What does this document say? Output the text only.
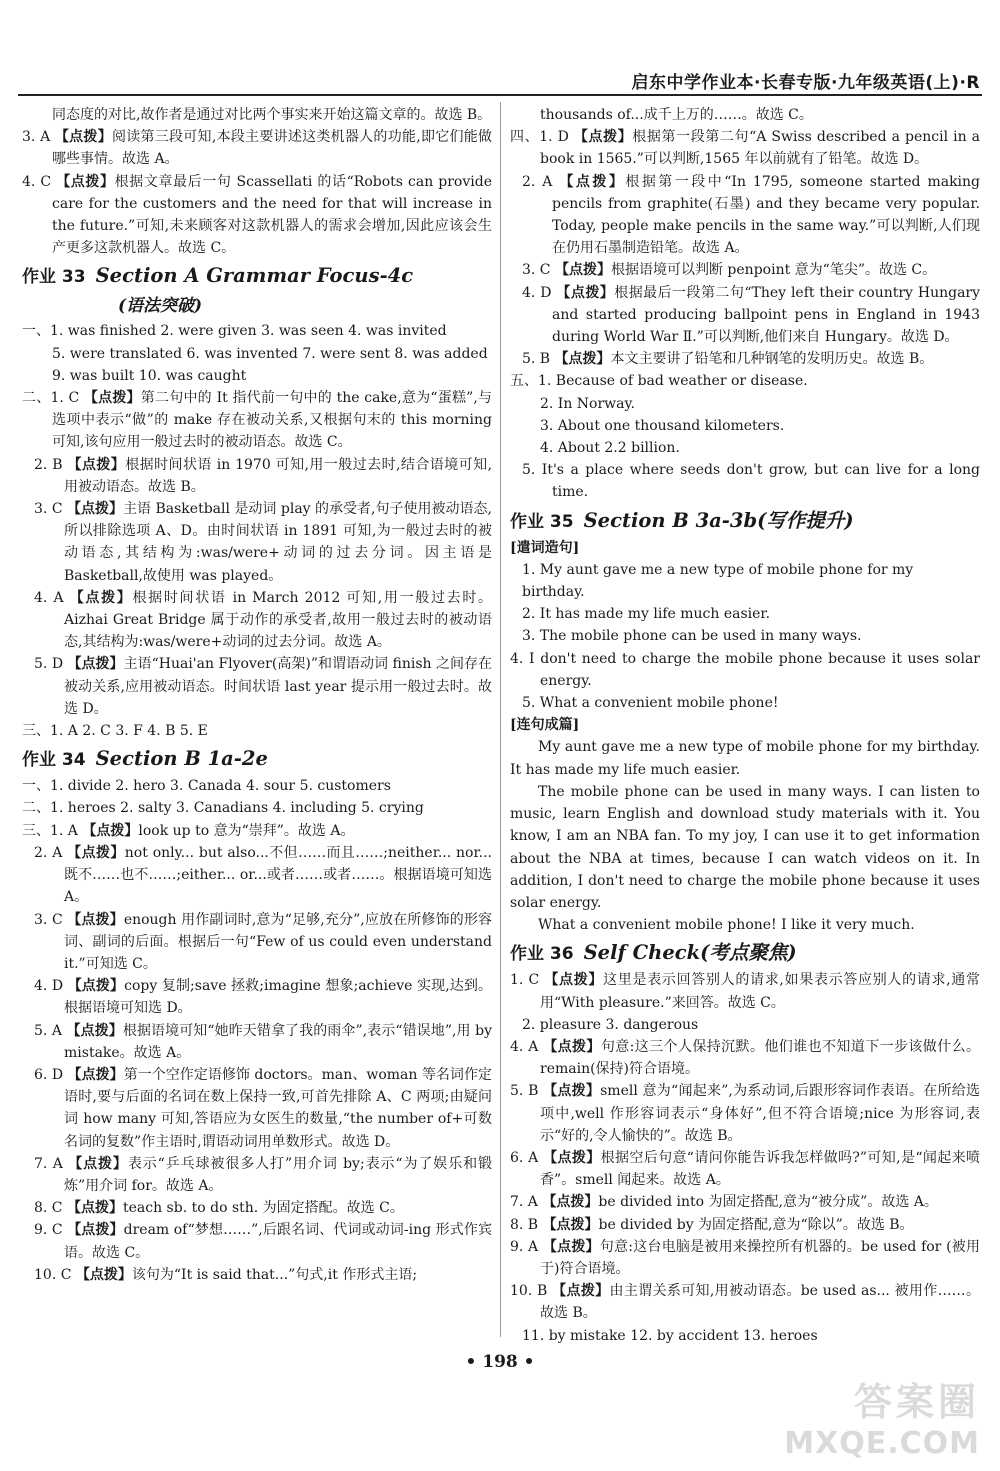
启东中学作业本·长春专版·九年级英语(上)·R

同态度的对比,故作者是通过对比两个事实来开始这篇文章的。故选 B。

3. A 【点拨】阅读第三段可知,本段主要讲述这类机器人的功能,即它们能做哪些事情。故选 A。

4. C 【点拨】根据文章最后一句 Scassellati 的话“Robots can provide care for the customers and the need for that will increase in the future.”可知,未来顾客对这款机器人的需求会增加,因此应该会生产更多这款机器人。故选 C。

作业 33 Section A Grammar Focus-4c

(语法突破)

一、1. was finished 2. were given 3. was seen 4. was invited

5. were translated 6. was invented 7. were sent 8. was added

9. was built 10. was caught

二、1. C 【点拨】第二句中的 It 指代前一句中的 the cake,意为“蛋糕”,与选项中表示“做”的 make 存在被动关系,又根据句末的 this morning 可知,该句应用一般过去时的被动语态。故选 C。

2. B 【点拨】根据时间状语 in 1970 可知,用一般过去时,结合语境可知,用被动语态。故选 B。

3. C 【点拨】主语 Basketball 是动词 play 的承受者,句子使用被动语态,所以排除选项 A、D。由时间状语 in 1891 可知,为一般过去时的被动语态,其结构为:was/were+动词的过去分词。因主语是 Basketball,故使用 was played。

4. A 【点拨】根据时间状语 in March 2012 可知,用一般过去时。Aizhai Great Bridge 属于动作的承受者,故用一般过去时的被动语态,其结构为:was/were+动词的过去分词。故选 A。

5. D 【点拨】主语“Huai'an Flyover(高架)”和谓语动词 finish 之间存在被动关系,应用被动语态。时间状语 last year 提示用一般过去时。故选 D。

三、1. A 2. C 3. F 4. B 5. E

作业 34 Section B 1a-2e

一、1. divide 2. hero 3. Canada 4. sour 5. customers

二、1. heroes 2. salty 3. Canadians 4. including 5. crying

三、1. A 【点拨】look up to 意为“崇拜”。故选 A。

2. A 【点拨】not only... but also...不但……而且……;neither... nor...既不……也不……;either... or...或者……或者……。根据语境可知选 A。

3. C 【点拨】enough 用作副词时,意为“足够,充分”,应放在所修饰的形容词、副词的后面。根据后一句“Few of us could even understand it.”可知选 C。

4. D 【点拨】copy 复制;save 拯救;imagine 想象;achieve 实现,达到。根据语境可知选 D。

5. A 【点拨】根据语境可知“她昨天错拿了我的雨伞”,表示“错误地”,用 by mistake。故选 A。

6. D 【点拨】第一个空作定语修饰 doctors。man、woman 等名词作定语时,要与后面的名词在数上保持一致,可首先排除 A、C 两项;由疑问词 how many 可知,答语应为女医生的数量,“the number of+可数名词的复数”作主语时,谓语动词用单数形式。故选 D。

7. A 【点拨】表示“乒乓球被很多人打”用介词 by;表示“为了娱乐和锻炼”用介词 for。故选 A。

8. C 【点拨】teach sb. to do sth. 为固定搭配。故选 C。

9. C 【点拨】dream of“梦想……”,后跟名词、代词或动词-ing 形式作宾语。故选 C。

10. C 【点拨】该句为“It is said that...”句式,it 作形式主语;

thousands of...成千上万的……。故选 C。

四、1. D 【点拨】根据第一段第二句“A Swiss described a pencil in a book in 1565.”可以判断,1565 年以前就有了铅笔。故选 D。

2. A 【点拨】根据第一段中“In 1795, someone started making pencils from graphite(石墨) and they became very popular. Today, people make pencils in the same way.”可以判断,人们现在仍用石墨制造铅笔。故选 A。

3. C 【点拨】根据语境可以判断 penpoint 意为“笔尖”。故选 C。

4. D 【点拨】根据最后一段第二句“They left their country Hungary and started producing ballpoint pens in England in 1943 during World War Ⅱ.”可以判断,他们来自 Hungary。故选 D。

5. B 【点拨】本文主要讲了铅笔和几种钢笔的发明历史。故选 B。

五、1. Because of bad weather or disease.

2. In Norway.

3. About one thousand kilometers.

4. About 2.2 billion.

5. It's a place where seeds don't grow, but can live for a long time.

作业 35 Section B 3a-3b(写作提升)

[遣词造句]

1. My aunt gave me a new type of mobile phone for my birthday.

2. It has made my life much easier.

3. The mobile phone can be used in many ways.

4. I don't need to charge the mobile phone because it uses solar energy.

5. What a convenient mobile phone!

[连句成篇]

My aunt gave me a new type of mobile phone for my birthday. It has made my life much easier.

The mobile phone can be used in many ways. I can listen to music, learn English and download study materials with it. You know, I am an NBA fan. To my joy, I can use it to get information about the NBA at times, because I can watch videos on it. In addition, I don't need to charge the mobile phone because it uses solar energy.

What a convenient mobile phone! I like it very much.

作业 36 Self Check(考点聚焦)

1. C 【点拨】这里是表示回答别人的请求,如果表示答应别人的请求,通常用“With pleasure.”来回答。故选 C。

2. pleasure 3. dangerous

4. A 【点拨】句意:这三个人保持沉默。他们谁也不知道下一步该做什么。remain(保持)符合语境。

5. B 【点拨】smell 意为“闻起来”,为系动词,后跟形容词作表语。在所给选项中,well 作形容词表示“身体好”,但不符合语境;nice 为形容词,表示“好的,令人愉快的”。故选 B。

6. A 【点拨】根据空后句意“请问你能告诉我怎样做吗?”可知,是“闻起来喷香”。smell 闻起来。故选 A。

7. A 【点拨】be divided into 为固定搭配,意为“被分成”。故选 A。

8. B 【点拨】be divided by 为固定搭配,意为“除以”。故选 B。

9. A 【点拨】句意:这台电脑是被用来操控所有机器的。be used for (被用于)符合语境。

10. B 【点拨】由主谓关系可知,用被动语态。be used as... 被用作……。故选 B。

11. by mistake 12. by accident 13. heroes

• 198 •
答案圈
MXQE.COM
